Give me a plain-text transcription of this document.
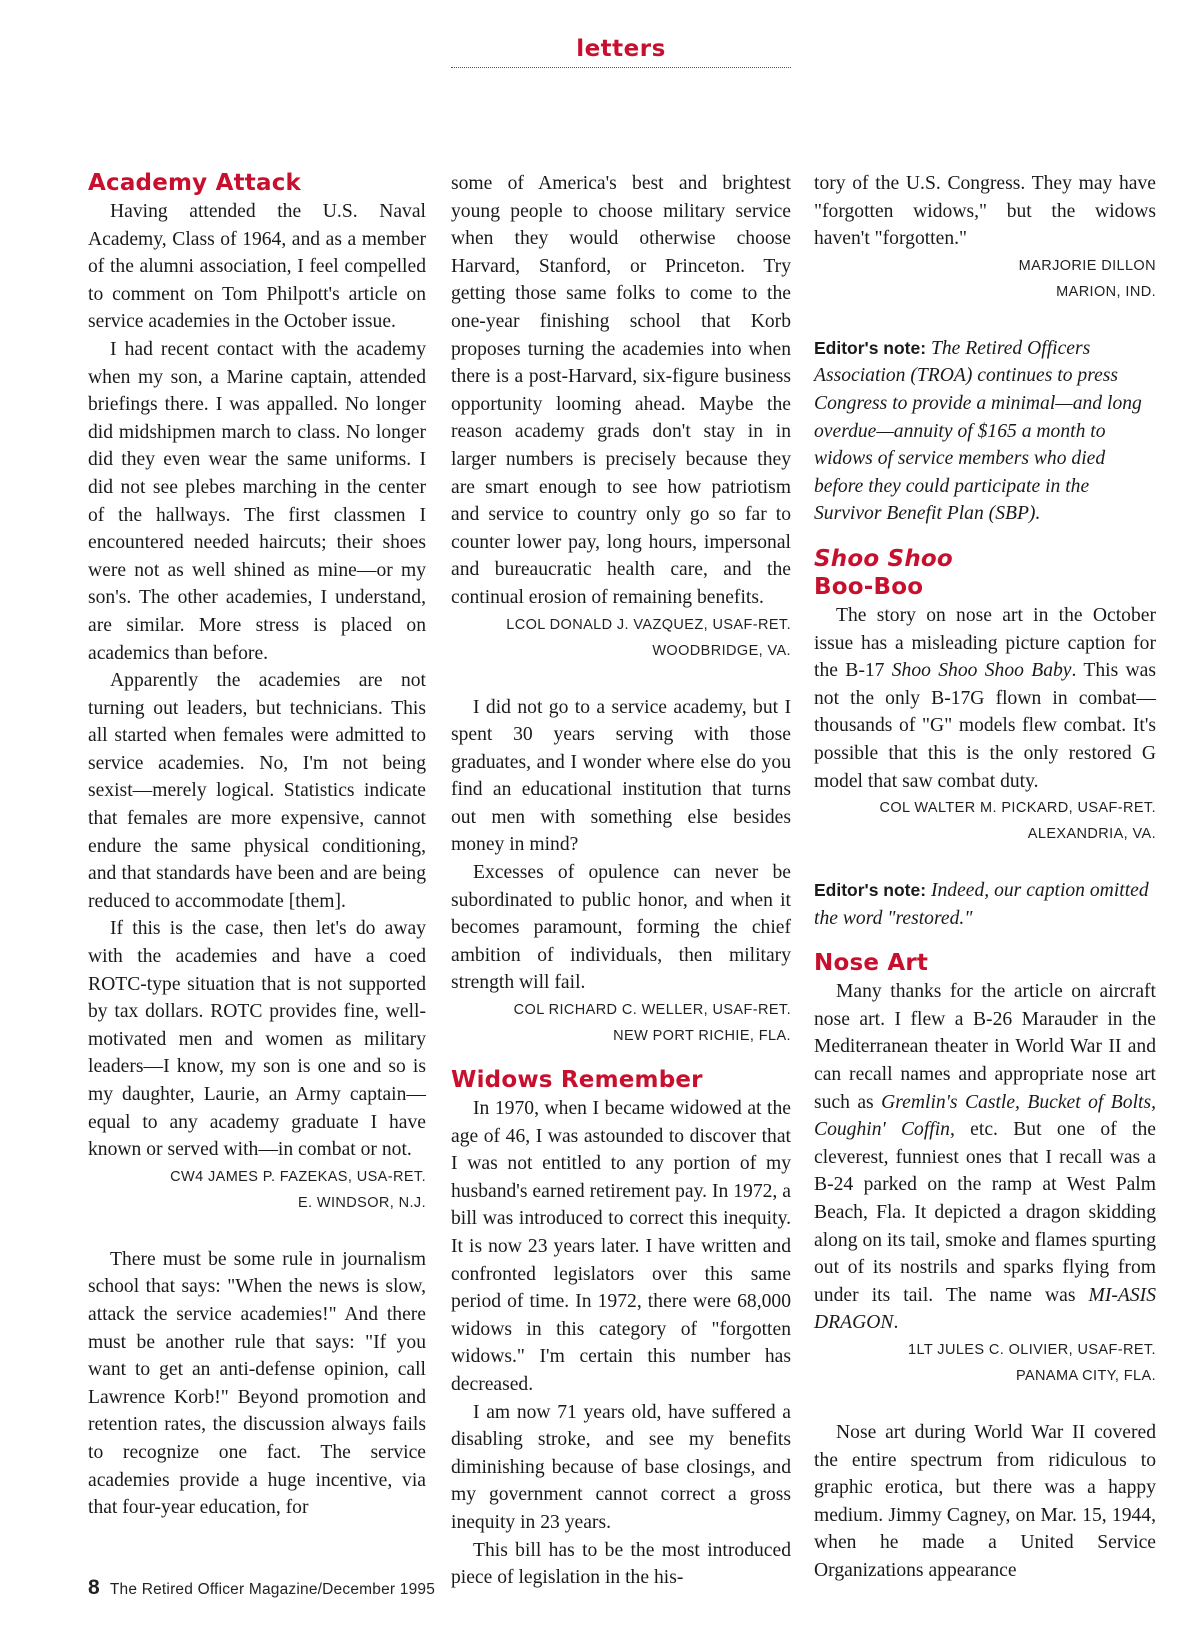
letters
Academy Attack

Having attended the U.S. Naval Academy, Class of 1964, and as a member of the alumni association, I feel compelled to comment on Tom Philpott's article on service academies in the October issue.

I had recent contact with the academy when my son, a Marine captain, attended briefings there. I was appalled. No longer did midshipmen march to class. No longer did they even wear the same uniforms. I did not see plebes marching in the center of the hallways. The first classmen I encountered needed haircuts; their shoes were not as well shined as mine—or my son's. The other academies, I understand, are similar. More stress is placed on academics than before.

Apparently the academies are not turning out leaders, but technicians. This all started when females were admitted to service academies. No, I'm not being sexist—merely logical. Statistics indicate that females are more expensive, cannot endure the same physical conditioning, and that standards have been and are being reduced to accommodate [them].

If this is the case, then let's do away with the academies and have a coed ROTC-type situation that is not supported by tax dollars. ROTC provides fine, well-motivated men and women as military leaders—I know, my son is one and so is my daughter, Laurie, an Army captain—equal to any academy graduate I have known or served with—in combat or not.

CW4 JAMES P. FAZEKAS, USA-RET.
E. WINDSOR, N.J.

There must be some rule in journalism school that says: "When the news is slow, attack the service academies!" And there must be another rule that says: "If you want to get an anti-defense opinion, call Lawrence Korb!" Beyond promotion and retention rates, the discussion always fails to recognize one fact. The service academies provide a huge incentive, via that four-year education, for

some of America's best and brightest young people to choose military service when they would otherwise choose Harvard, Stanford, or Princeton. Try getting those same folks to come to the one-year finishing school that Korb proposes turning the academies into when there is a post-Harvard, six-figure business opportunity looming ahead. Maybe the reason academy grads don't stay in in larger numbers is precisely because they are smart enough to see how patriotism and service to country only go so far to counter lower pay, long hours, impersonal and bureaucratic health care, and the continual erosion of remaining benefits.

LCOL DONALD J. VAZQUEZ, USAF-RET.
WOODBRIDGE, VA.

I did not go to a service academy, but I spent 30 years serving with those graduates, and I wonder where else do you find an educational institution that turns out men with something else besides money in mind?

Excesses of opulence can never be subordinated to public honor, and when it becomes paramount, forming the chief ambition of individuals, then military strength will fail.

COL RICHARD C. WELLER, USAF-RET.
NEW PORT RICHIE, FLA.
Widows Remember

In 1970, when I became widowed at the age of 46, I was astounded to discover that I was not entitled to any portion of my husband's earned retirement pay. In 1972, a bill was introduced to correct this inequity. It is now 23 years later. I have written and confronted legislators over this same period of time. In 1972, there were 68,000 widows in this category of "forgotten widows." I'm certain this number has decreased.

I am now 71 years old, have suffered a disabling stroke, and see my benefits diminishing because of base closings, and my government cannot correct a gross inequity in 23 years.

This bill has to be the most introduced piece of legislation in the his-

tory of the U.S. Congress. They may have "forgotten widows," but the widows haven't "forgotten."

MARJORIE DILLON
MARION, IND.

Editor's note: The Retired Officers Association (TROA) continues to press Congress to provide a minimal—and long overdue—annuity of $165 a month to widows of service members who died before they could participate in the Survivor Benefit Plan (SBP).

Shoo Shoo
Boo-Boo

The story on nose art in the October issue has a misleading picture caption for the B-17 Shoo Shoo Shoo Baby. This was not the only B-17G flown in combat—thousands of "G" models flew combat. It's possible that this is the only restored G model that saw combat duty.

COL WALTER M. PICKARD, USAF-RET.
ALEXANDRIA, VA.

Editor's note: Indeed, our caption omitted the word "restored."

Nose Art

Many thanks for the article on aircraft nose art. I flew a B-26 Marauder in the Mediterranean theater in World War II and can recall names and appropriate nose art such as Gremlin's Castle, Bucket of Bolts, Coughin' Coffin, etc. But one of the cleverest, funniest ones that I recall was a B-24 parked on the ramp at West Palm Beach, Fla. It depicted a dragon skidding along on its tail, smoke and flames spurting out of its nostrils and sparks flying from under its tail. The name was MI-ASIS DRAGON.

1LT JULES C. OLIVIER, USAF-RET.
PANAMA CITY, FLA.

Nose art during World War II covered the entire spectrum from ridiculous to graphic erotica, but there was a happy medium. Jimmy Cagney, on Mar. 15, 1944, when he made a United Service Organizations appearance

8 The Retired Officer Magazine/December 1995
